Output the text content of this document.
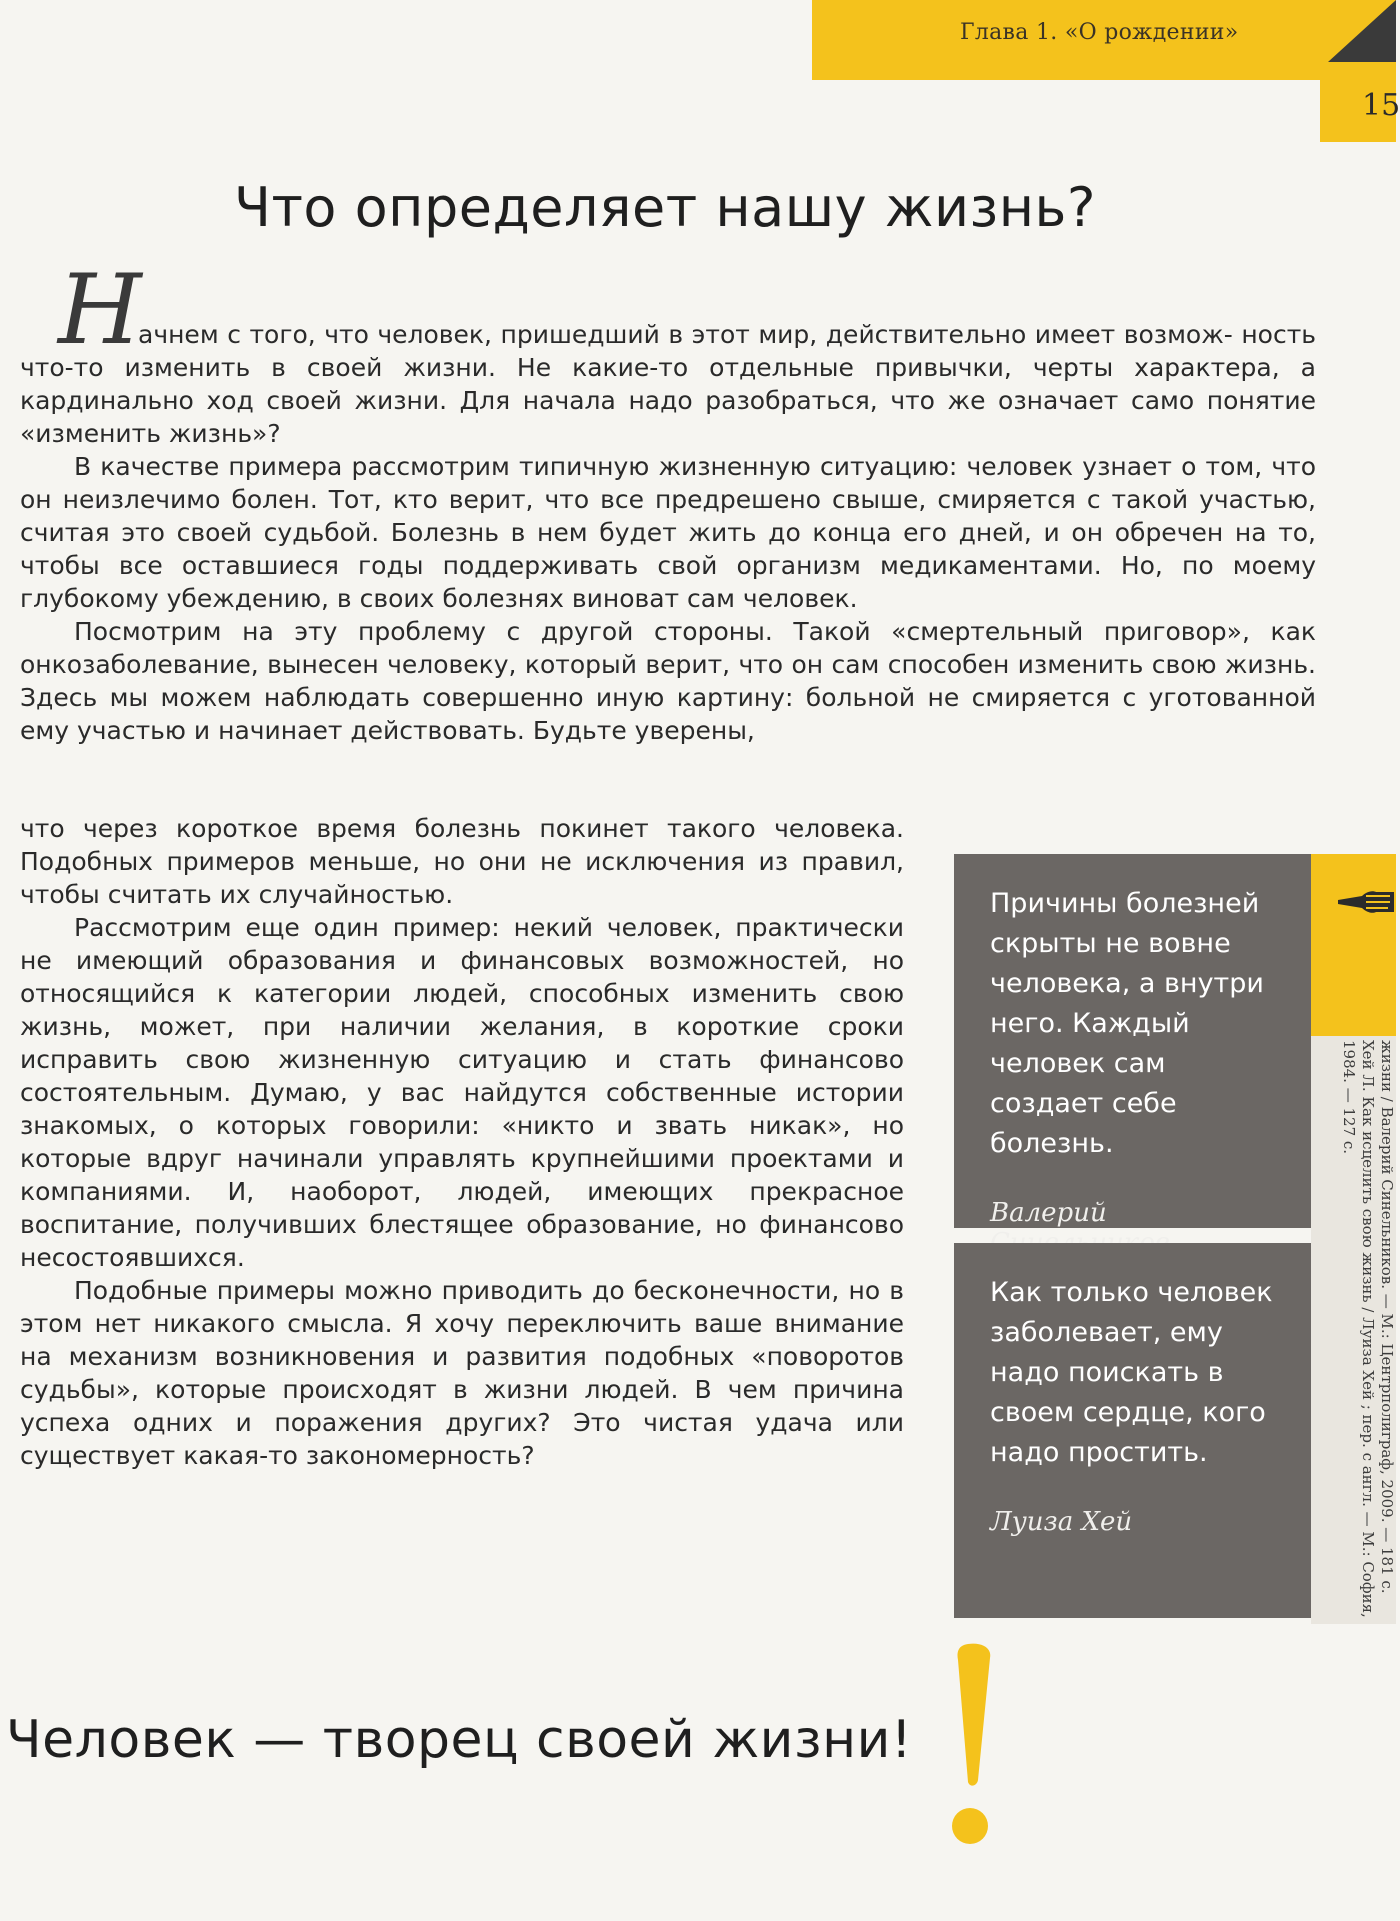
Глава 1. «О рождении»
15
Что определяет нашу жизнь?
Н

ачнем с того, что человек, пришедший в этот мир, действительно имеет возмож- ность что-то изменить в своей жизни. Не какие-то отдельные привычки, черты характера, а кардинально ход своей жизни. Для начала надо разобраться, что же означает само понятие «изменить жизнь»?

В качестве примера рассмотрим типичную жизненную ситуацию: человек узнает о том, что он неизлечимо болен. Тот, кто верит, что все предрешено свыше, смиряется с такой участью, считая это своей судьбой. Болезнь в нем будет жить до конца его дней, и он обречен на то, чтобы все оставшиеся годы поддерживать свой организм медикаментами. Но, по моему глубокому убеждению, в своих болезнях виноват сам человек.

Посмотрим на эту проблему с другой стороны. Такой «смертельный приговор», как онкозаболевание, вынесен человеку, который верит, что он сам способен изменить свою жизнь. Здесь мы можем наблюдать совершенно иную картину: больной не смиряется с уготованной ему участью и начинает действовать. Будьте уверены,

что через короткое время болезнь покинет такого человека. Подобных примеров меньше, но они не исключения из правил, чтобы считать их случайностью.

Рассмотрим еще один пример: некий человек, практически не имеющий образования и финансовых возможностей, но относящийся к категории людей, способных изменить свою жизнь, может, при наличии желания, в короткие сроки исправить свою жизненную ситуацию и стать финансово состоятельным. Думаю, у вас найдутся собственные истории знакомых, о которых говорили: «никто и звать никак», но которые вдруг начинали управлять крупнейшими проектами и компаниями. И, наоборот, людей, имеющих прекрасное воспитание, получивших блестящее образование, но финансово несостоявшихся.

Подобные примеры можно приводить до бесконечности, но в этом нет никакого смысла. Я хочу переключить ваше внимание на механизм возникновения и развития подобных «поворотов судьбы», которые происходят в жизни людей. В чем причина успеха одних и поражения других? Это чистая удача или существует какая-то закономерность?	жизни / Валерий Синельников. — М.: Центрполиграф, 2009. — 181 с.
Хей Л. Как исцелить свою жизнь / Луиза Хей ; пер. с англ. — М.: София,
1984. — 127 с.

Причины болезней скрыты не вовне человека, а внутри него. Каждый человек сам создает себе болезнь.

Валерий

Как только человек заболевает, ему надо поискать в своем сердце, кого надо простить.

Луиза Хей
Человек — творец своей жизни!
